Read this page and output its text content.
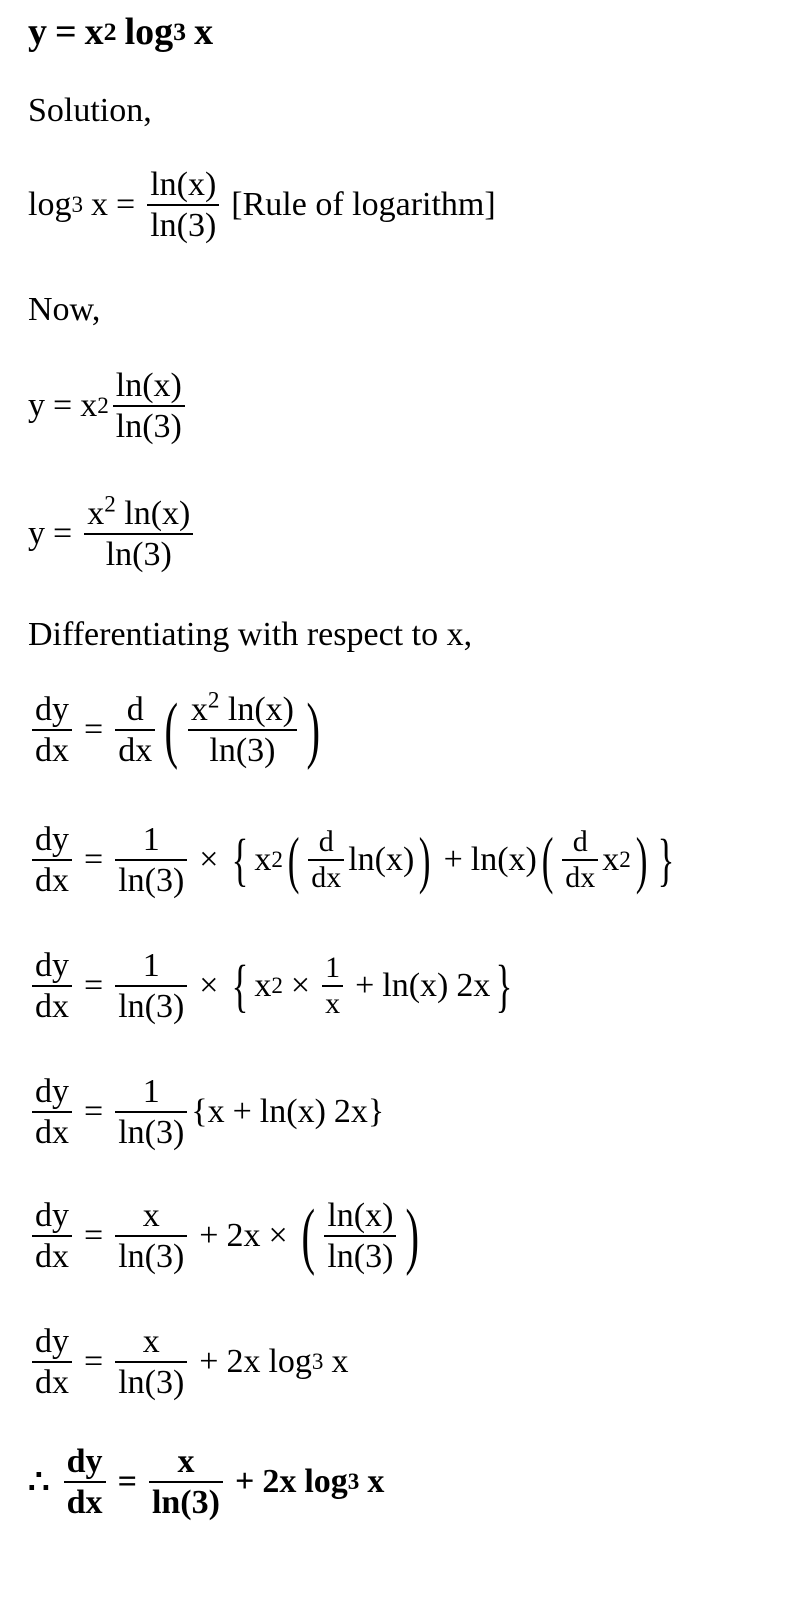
y = x 2 log 3 x
Solution,
log 3 $x = \frac{\ln(x)}{\ln(3)}$ [Rule of logarithm]
Now,
y = x $2 \frac{\ln(x)}{\ln(3)}$
$y = \frac{x^2 \ln(x)}{\ln(3)}$
Differentiating with respect to x,
$\frac{dy}{dx} = \frac{d}{dx}$ ( $\frac{x^2 \ln(x)}{\ln(3)}$ )
$\frac{dy}{dx} = \frac{1}{\ln(3)}$ × { x 2 ( $\frac{d}{dx} \ln(x)$ ) + ln(x) ( $\frac{d}{dx}$ x 2 ) }
$\frac{dy}{dx} = \frac{1}{\ln(3)}$ × { x $2 \times \frac{1}{x} + \ln(x)$ 2x }
$\frac{dy}{dx} = \frac{1}{\ln(3)}$ { x + ln(x) 2x }
$\frac{dy}{dx} = \frac{x}{\ln(3)} + 2x$ × ( $\frac{\ln(x)}{\ln(3)}$ )
$\frac{dy}{dx} = \frac{x}{\ln(3)} + 2x$ log 3 x
∴ $\frac{dy}{dx} = \frac{x}{\ln(3)} + 2x$ log 3 x
